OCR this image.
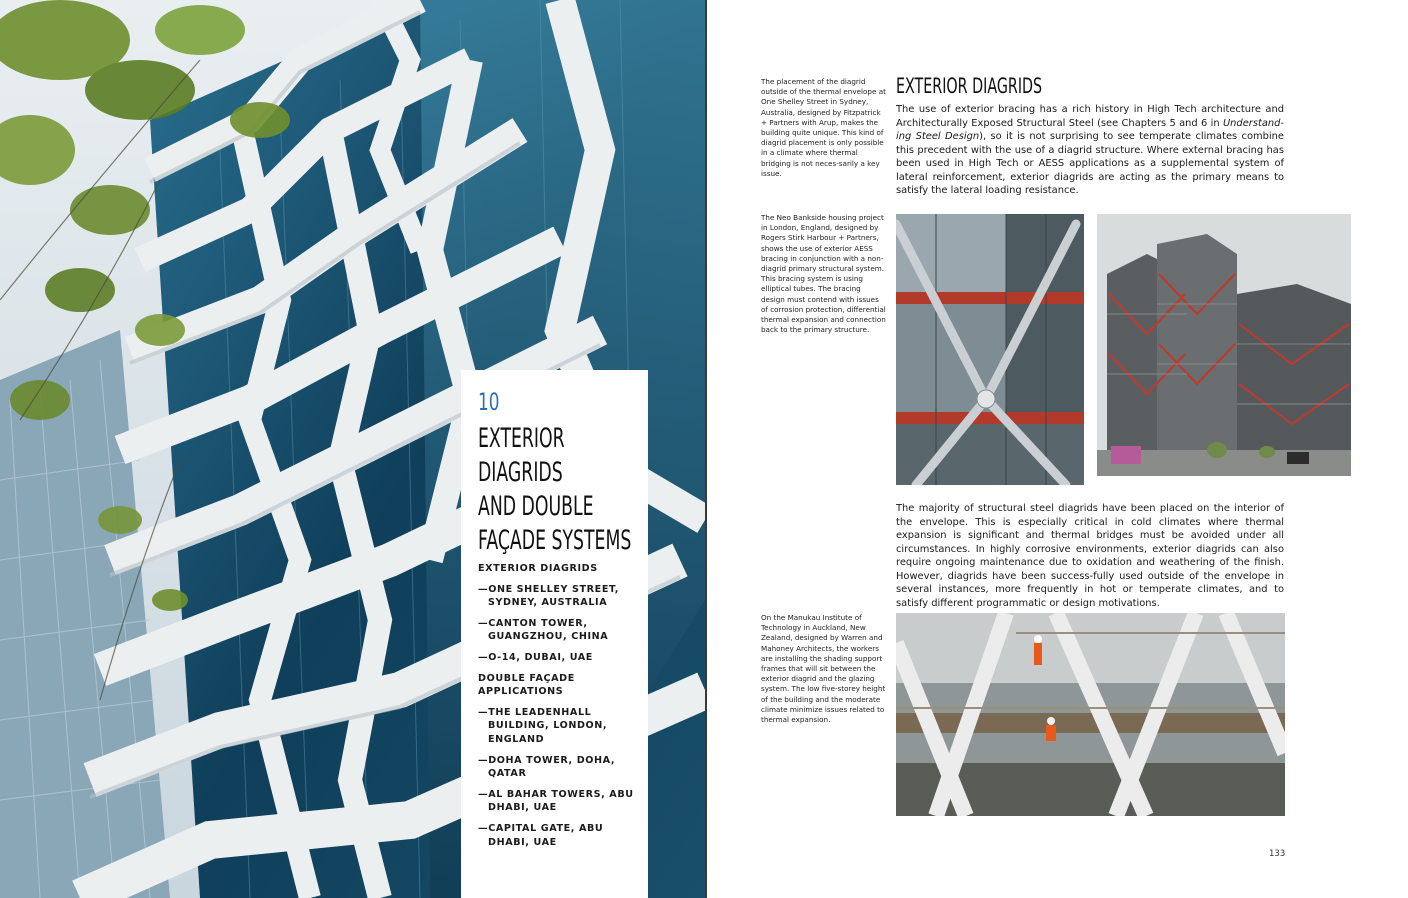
10
EXTERIOR DIAGRIDS
AND DOUBLE
FAÇADE SYSTEMS
EXTERIOR DIAGRIDS
—ONE SHELLEY STREET, SYDNEY, AUSTRALIA
—CANTON TOWER, GUANGZHOU, CHINA
—O-14, DUBAI, UAE
DOUBLE FAÇADE APPLICATIONS
—THE LEADENHALL BUILDING, LONDON, ENGLAND
—DOHA TOWER, DOHA, QATAR
—AL BAHAR TOWERS, ABU DHABI, UAE
—CAPITAL GATE, ABU DHABI, UAE
The placement of the diagrid outside of the thermal envelope at One Shelley Street in Sydney, Australia, designed by Fitzpatrick + Partners with Arup, makes the building quite unique. This kind of diagrid placement is only possible in a climate where thermal bridging is not neces-sarily a key issue.
The Neo Bankside housing project in London, England, designed by Rogers Stirk Harbour + Partners, shows the use of exterior AESS bracing in conjunction with a non-diagrid primary structural system. This bracing system is using elliptical tubes. The bracing design must contend with issues of corrosion protection, differential thermal expansion and connection back to the primary structure.
On the Manukau Institute of Technology in Auckland, New Zealand, designed by Warren and Mahoney Architects, the workers are installing the shading support frames that will sit between the exterior diagrid and the glazing system. The low five-storey height of the building and the moderate climate minimize issues related to thermal expansion.
EXTERIOR DIAGRIDS

The use of exterior bracing has a rich history in High Tech architecture and Architecturally Exposed Structural Steel (see Chapters 5 and 6 in Understand-ing Steel Design), so it is not surprising to see temperate climates combine this precedent with the use of a diagrid structure. Where external bracing has been used in High Tech or AESS applications as a supplemental system of lateral reinforcement, exterior diagrids are acting as the primary means to satisfy the lateral loading resistance.

The majority of structural steel diagrids have been placed on the interior of the envelope. This is especially critical in cold climates where thermal expansion is significant and thermal bridges must be avoided under all circumstances. In highly corrosive environments, exterior diagrids can also require ongoing maintenance due to oxidation and weathering of the finish. However, diagrids have been success-fully used outside of the envelope in several instances, more frequently in hot or temperate climates, and to satisfy different programmatic or design motivations.

133
